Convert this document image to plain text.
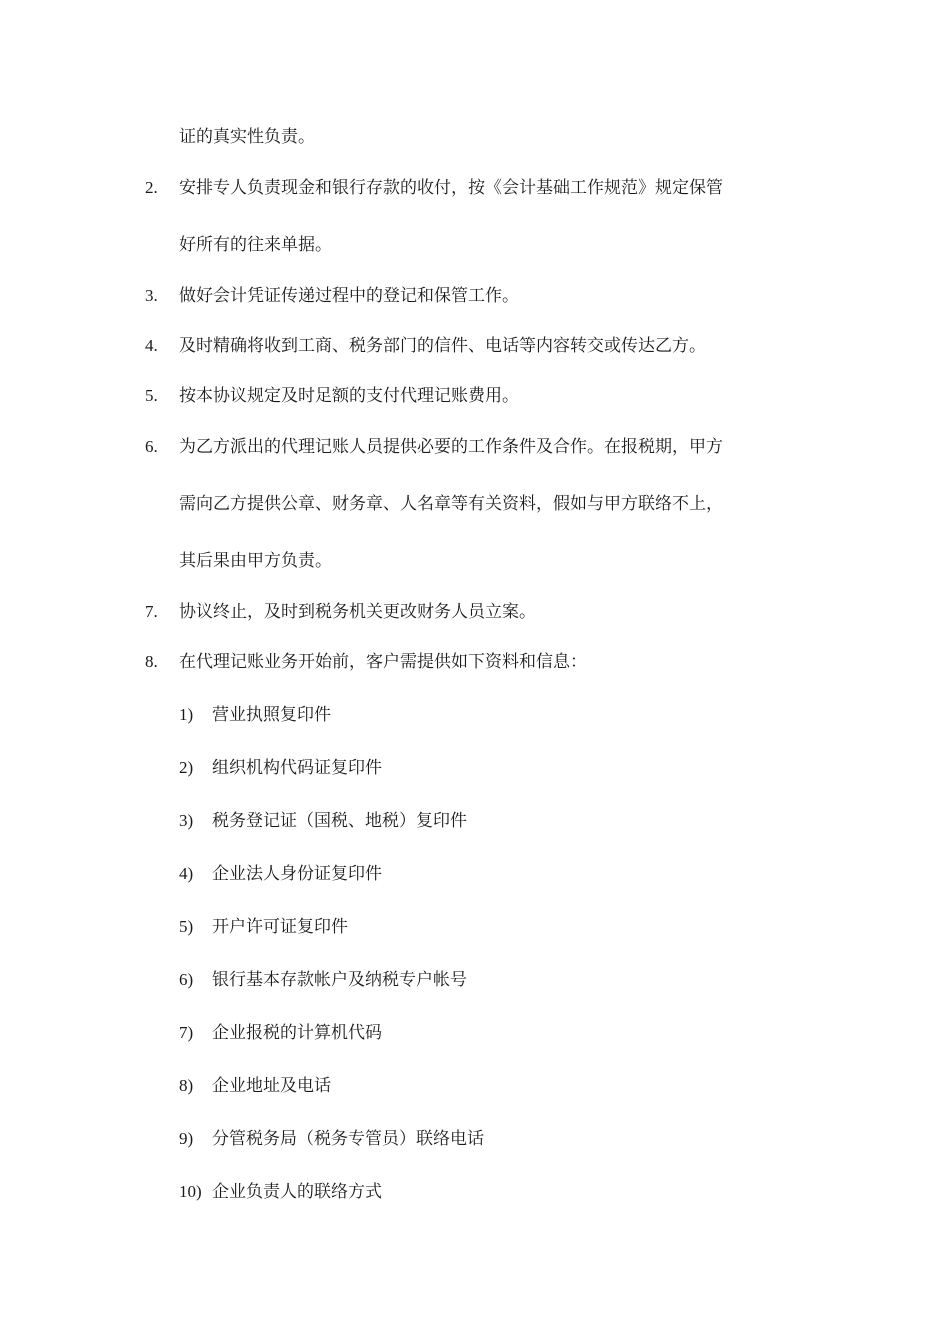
证的真实性负责。
2. 安排专人负责现金和银行存款的收付，按《会计基础工作规范》规定保管
好所有的往来单据。
3. 做好会计凭证传递过程中的登记和保管工作。
4. 及时精确将收到工商、税务部门的信件、电话等内容转交或传达乙方。
5. 按本协议规定及时足额的支付代理记账费用。
6. 为乙方派出的代理记账人员提供必要的工作条件及合作。在报税期，甲方
需向乙方提供公章、财务章、人名章等有关资料，假如与甲方联络不上，
其后果由甲方负责。
7. 协议终止，及时到税务机关更改财务人员立案。
8. 在代理记账业务开始前，客户需提供如下资料和信息：
1) 营业执照复印件
2) 组织机构代码证复印件
3) 税务登记证（国税、地税）复印件
4) 企业法人身份证复印件
5) 开户许可证复印件
6) 银行基本存款帐户及纳税专户帐号
7) 企业报税的计算机代码
8) 企业地址及电话
9) 分管税务局（税务专管员）联络电话
10) 企业负责人的联络方式
